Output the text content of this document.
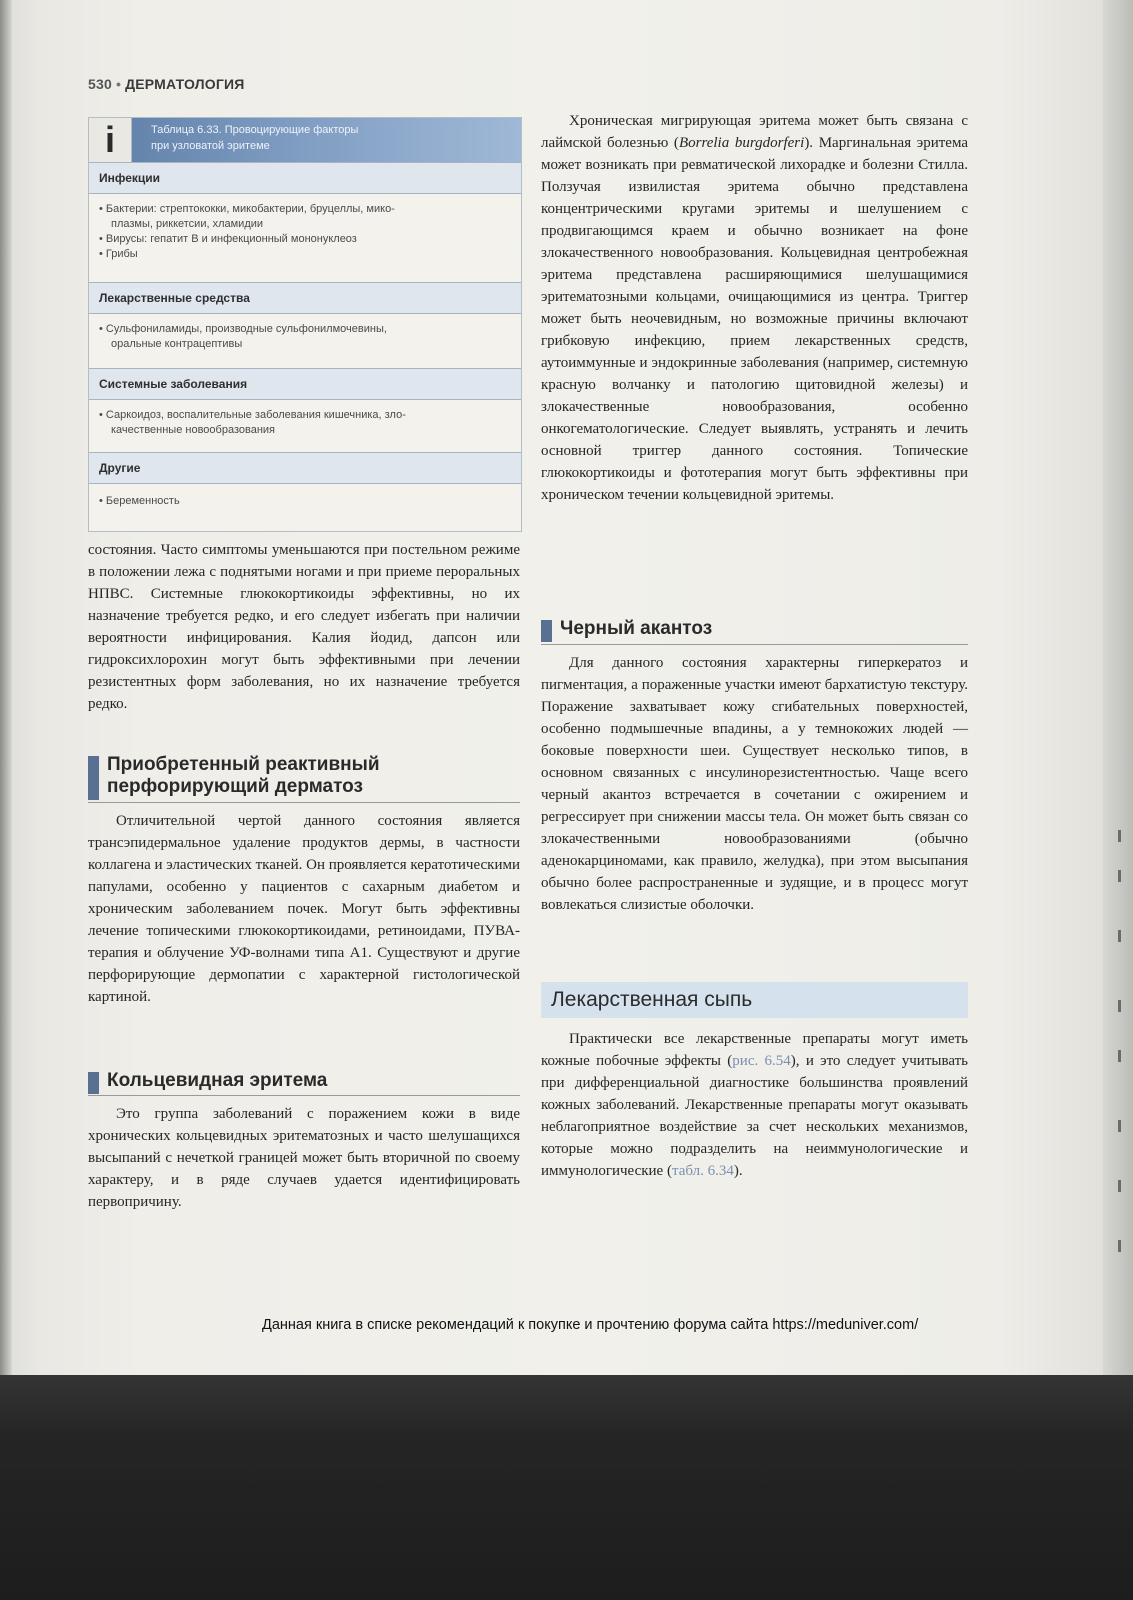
530 • ДЕРМАТОЛОГИЯ
i	Таблица 6.33. Провоцирующие факторы
при узловатой эритеме
Инфекции
• Бактерии: стрептококки, микобактерии, бруцеллы, мико-
плазмы, риккетсии, хламидии
• Вирусы: гепатит В и инфекционный мононуклеоз
• Грибы
Лекарственные средства
• Сульфониламиды, производные сульфонилмочевины,
оральные контрацептивы
Системные заболевания
• Саркоидоз, воспалительные заболевания кишечника, зло-
качественные новообразования
Другие
• Беременность

состояния. Часто симптомы уменьшаются при постельном режиме в положении лежа с поднятыми ногами и при приеме пероральных НПВС. Системные глюкокортикоиды эффективны, но их назначение требуется редко, и его следует избегать при наличии вероятности инфицирования. Калия йодид, дапсон или гидроксихлорохин могут быть эффективными при лечении резистентных форм заболевания, но их назначение требуется редко.

Приобретенный реактивный
перфорирующий дерматоз

Отличительной чертой данного состояния является трансэпидермальное удаление продуктов дермы, в частности коллагена и эластических тканей. Он проявляется кератотическими папулами, особенно у пациентов с сахарным диабетом и хроническим заболеванием почек. Могут быть эффективны лечение топическими глюкокортикоидами, ретиноидами, ПУВА-терапия и облучение УФ-волнами типа А1. Существуют и другие перфорирующие дермопатии с характерной гистологической картиной.

Кольцевидная эритема

Это группа заболеваний с поражением кожи в виде хронических кольцевидных эритематозных и часто шелушащихся высыпаний с нечеткой границей может быть вторичной по своему характеру, и в ряде случаев удается идентифицировать первопричину.

Хроническая мигрирующая эритема может быть связана с лаймской болезнью (Borrelia burgdorferi). Маргинальная эритема может возникать при ревматической лихорадке и болезни Стилла. Ползучая извилистая эритема обычно представлена концентрическими кругами эритемы и шелушением с продвигающимся краем и обычно возникает на фоне злокачественного новообразования. Кольцевидная центробежная эритема представлена расширяющимися шелушащимися эритематозными кольцами, очищающимися из центра. Триггер может быть неочевидным, но возможные причины включают грибковую инфекцию, прием лекарственных средств, аутоиммунные и эндокринные заболевания (например, системную красную волчанку и патологию щитовидной железы) и злокачественные новообразования, особенно онкогематологические. Следует выявлять, устранять и лечить основной триггер данного состояния. Топические глюкокортикоиды и фототерапия могут быть эффективны при хроническом течении кольцевидной эритемы.

Черный акантоз

Для данного состояния характерны гиперкератоз и пигментация, а пораженные участки имеют бархатистую текстуру. Поражение захватывает кожу сгибательных поверхностей, особенно подмышечные впадины, а у темнокожих людей — боковые поверхности шеи. Существует несколько типов, в основном связанных с инсулинорезистентностью. Чаще всего черный акантоз встречается в сочетании с ожирением и регрессирует при снижении массы тела. Он может быть связан со злокачественными новообразованиями (обычно аденокарциномами, как правило, желудка), при этом высыпания обычно более распространенные и зудящие, и в процесс могут вовлекаться слизистые оболочки.

Лекарственная сыпь

Практически все лекарственные препараты могут иметь кожные побочные эффекты (рис. 6.54), и это следует учитывать при дифференциальной диагностике большинства проявлений кожных заболеваний. Лекарственные препараты могут оказывать неблагоприятное воздействие за счет нескольких механизмов, которые можно подразделить на неиммунологические и иммунологические (табл. 6.34).

Данная книга в списке рекомендаций к покупке и прочтению форума сайта https://meduniver.com/
